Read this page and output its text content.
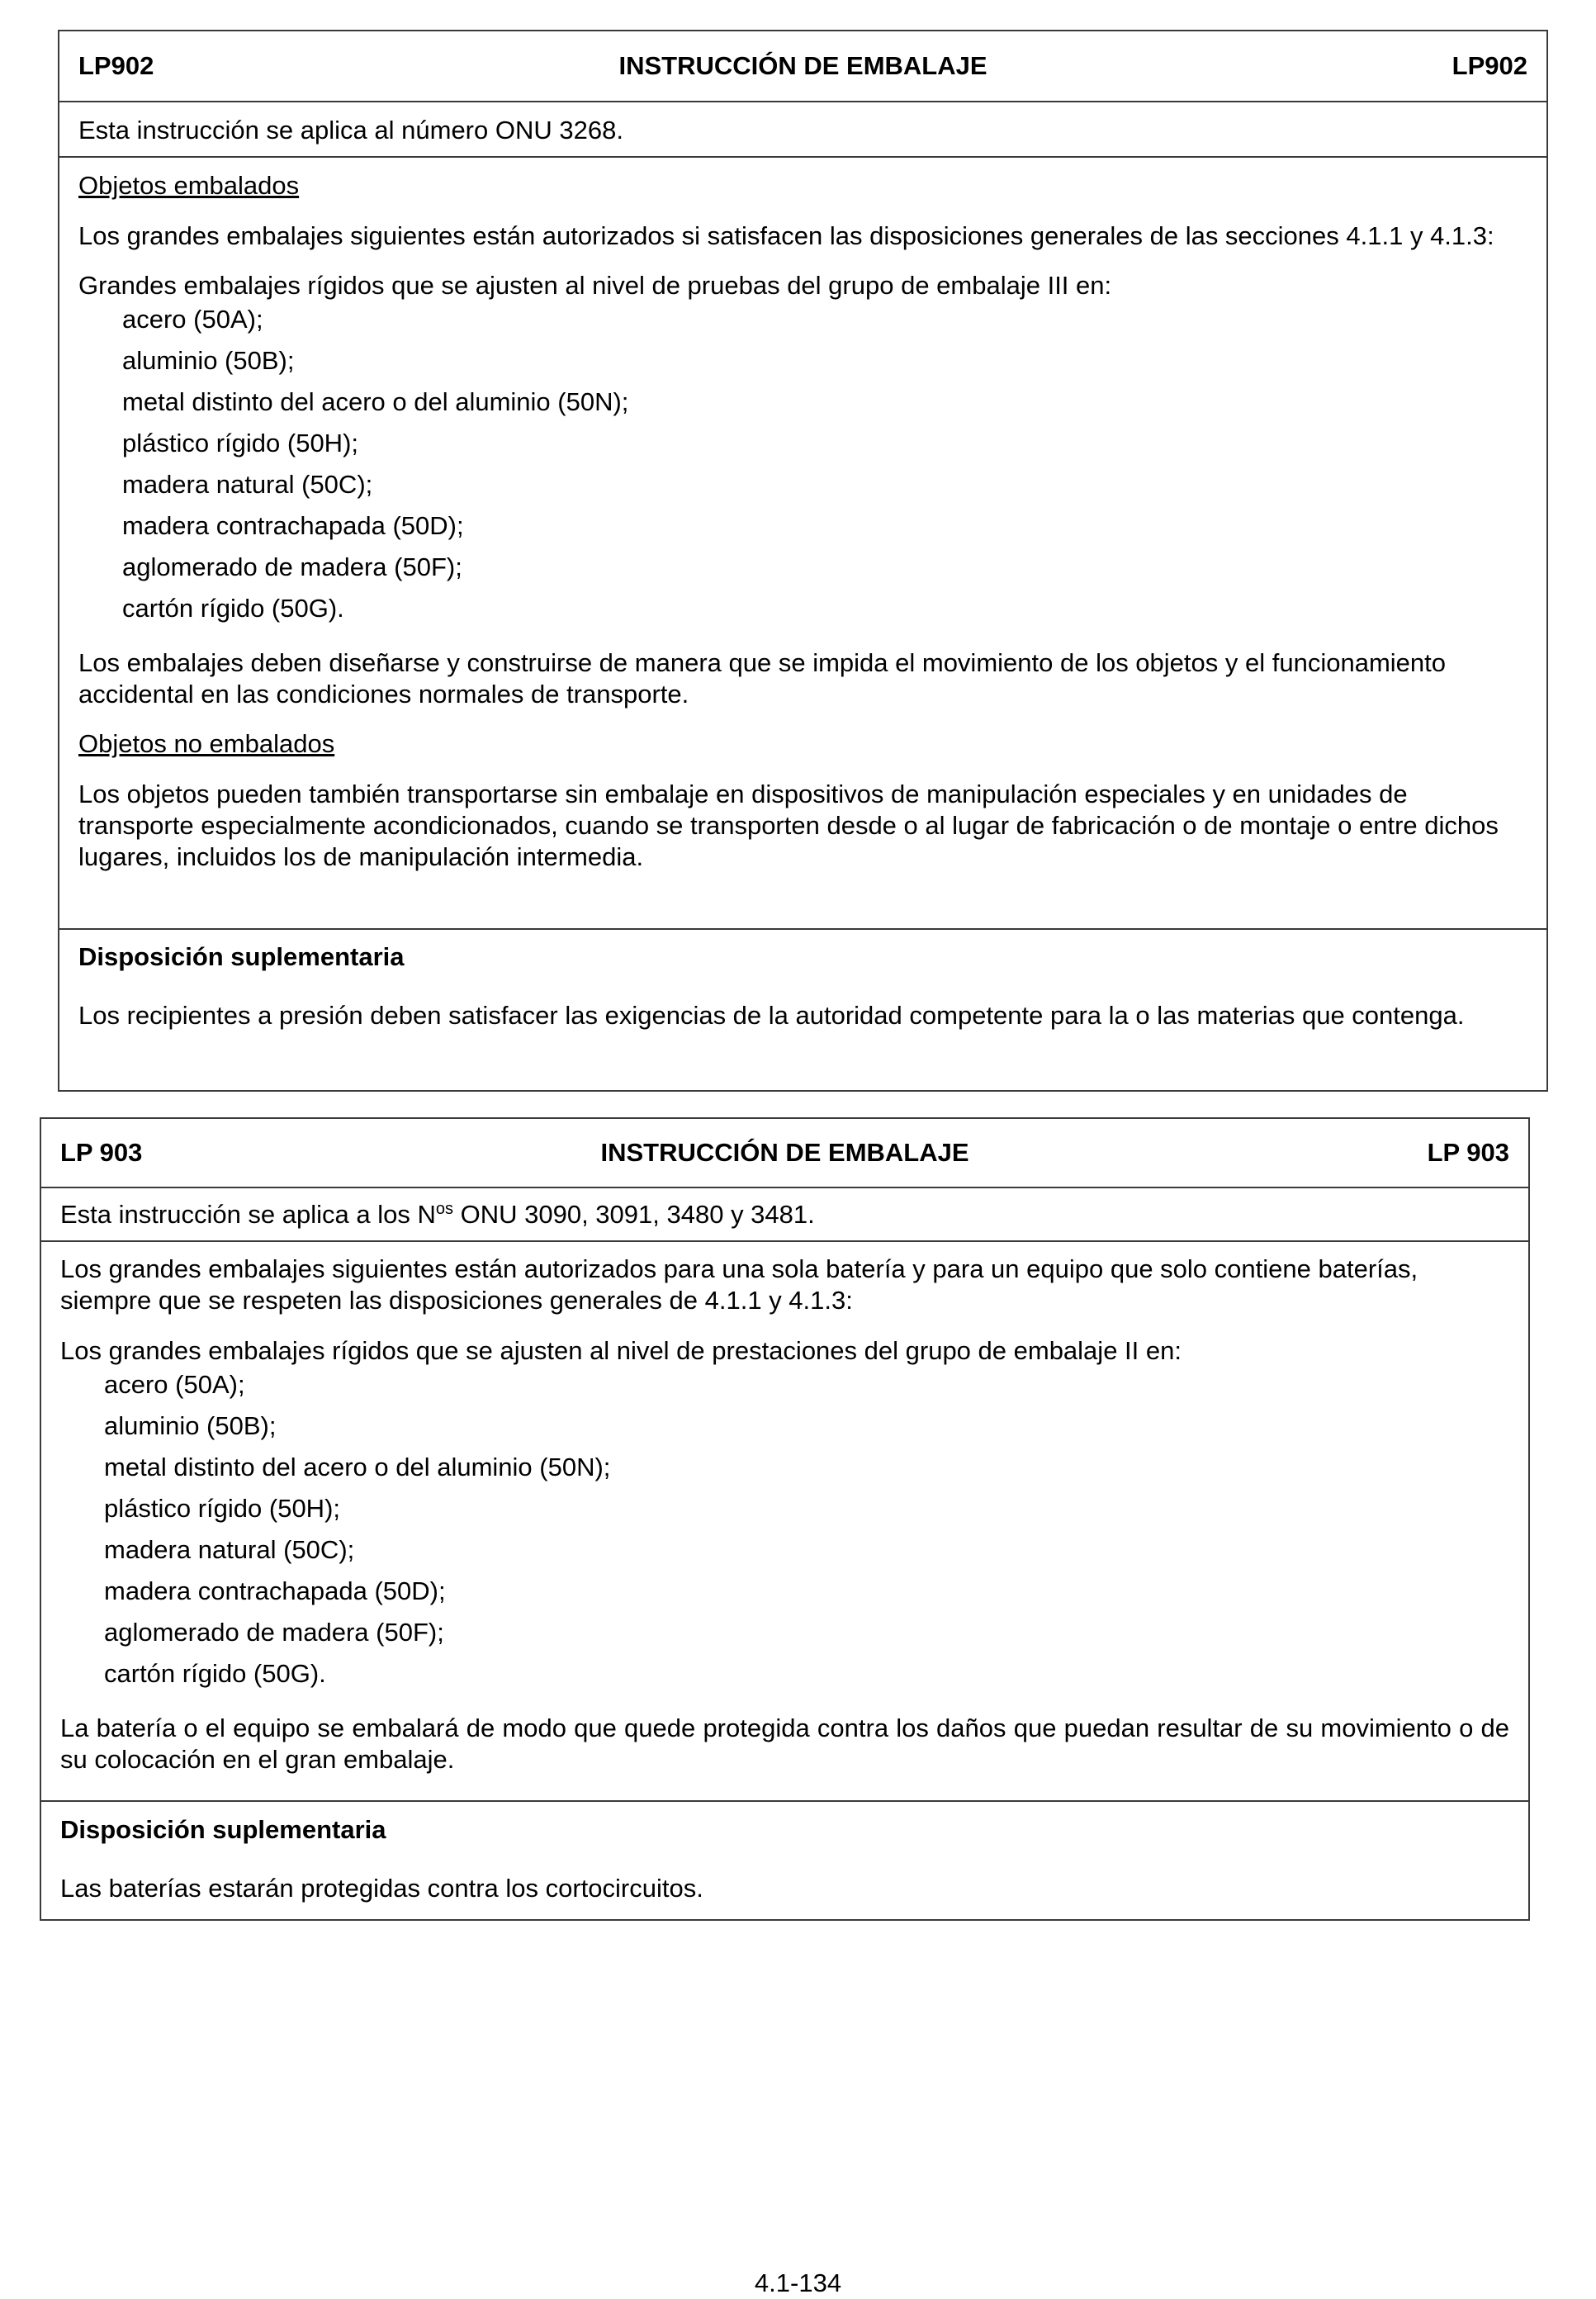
LP902	INSTRUCCIÓN DE EMBALAJE	LP902

Esta instrucción se aplica al número ONU 3268.

Objetos embalados

Los grandes embalajes siguientes están autorizados si satisfacen las disposiciones generales de las secciones 4.1.1 y 4.1.3:

Grandes embalajes rígidos que se ajusten al nivel de pruebas del grupo de embalaje III en:

acero (50A);
aluminio (50B);
metal distinto del acero o del aluminio (50N);
plástico rígido (50H);
madera natural (50C);
madera contrachapada (50D);
aglomerado de madera (50F);
cartón rígido (50G).

Los embalajes deben diseñarse y construirse de manera que se impida el movimiento de los objetos y el funcionamiento accidental en las condiciones normales de transporte.

Objetos no embalados

Los objetos pueden también transportarse sin embalaje en dispositivos de manipulación especiales y en unidades de transporte especialmente acondicionados, cuando se transporten desde o al lugar de fabricación o de montaje o entre dichos lugares, incluidos los de manipulación intermedia.

Disposición suplementaria

Los recipientes a presión deben satisfacer las exigencias de la autoridad competente para la o las materias que contenga.

LP 903	INSTRUCCIÓN DE EMBALAJE	LP 903

Esta instrucción se aplica a los $N^{os}$ ONU 3090, 3091, 3480 y 3481.

Los grandes embalajes siguientes están autorizados para una sola batería y para un equipo que solo contiene baterías, siempre que se respeten las disposiciones generales de 4.1.1 y 4.1.3:

Los grandes embalajes rígidos que se ajusten al nivel de prestaciones del grupo de embalaje II en:

acero (50A);
aluminio (50B);
metal distinto del acero o del aluminio (50N);
plástico rígido (50H);
madera natural (50C);
madera contrachapada (50D);
aglomerado de madera (50F);
cartón rígido (50G).

La batería o el equipo se embalará de modo que quede protegida contra los daños que puedan resultar de su movimiento o de su colocación en el gran embalaje.

Disposición suplementaria

Las baterías estarán protegidas contra los cortocircuitos.

4.1-134
